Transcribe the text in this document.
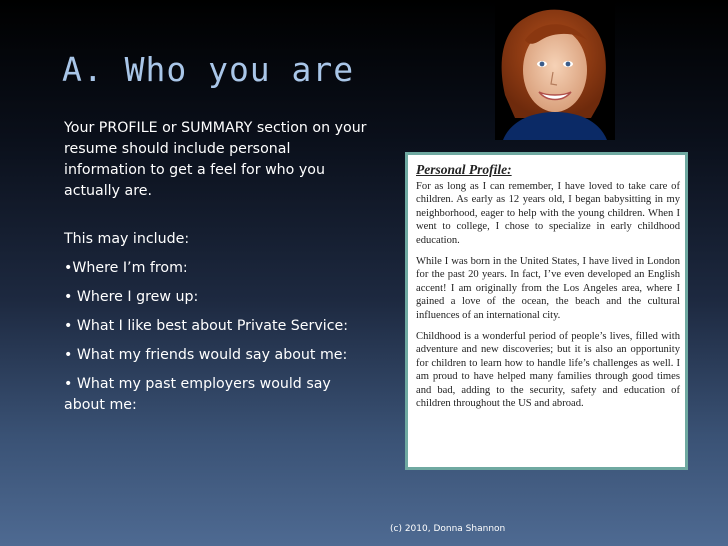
A. Who you are

Your PROFILE or SUMMARY section on your resume should include personal information to get a feel for who you actually are.

This may include:

•Where I’m from:

• Where I grew up:

• What I like best about Private Service:

• What my friends would say about me:

• What my past employers would say about me:

Personal Profile:

For as long as I can remember, I have loved to take care of children. As early as 12 years old, I began babysitting in my neighborhood, eager to help with the young children. When I went to college, I chose to specialize in early childhood education.

While I was born in the United States, I have lived in London for the past 20 years. In fact, I’ve even developed an English accent! I am originally from the Los Angeles area, where I gained a love of the ocean, the beach and the cultural influences of an international city.

Childhood is a wonderful period of people’s lives, filled with adventure and new discoveries; but it is also an opportunity for children to learn how to handle life’s challenges as well. I am proud to have helped many families through good times and bad, adding to the security, safety and education of children throughout the US and abroad.

(c) 2010, Donna Shannon
